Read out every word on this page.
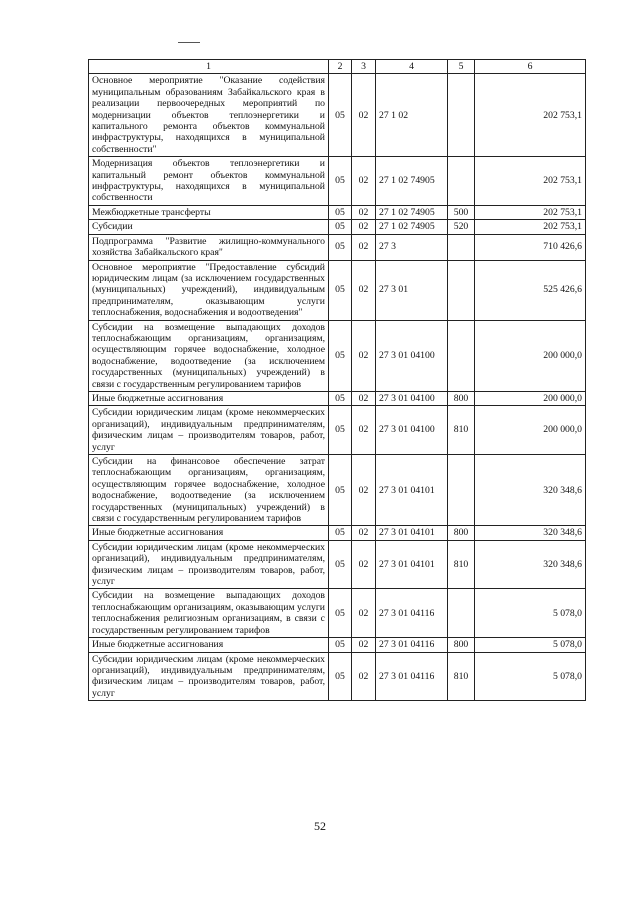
1	2	3	4	5	6
Основное мероприятие "Оказание содействия муниципальным образованиям Забайкальского края в реализации первоочередных мероприятий по модернизации объектов теплоэнергетики и капитального ремонта объектов коммунальной инфраструктуры, находящихся в муниципальной собственности"	05	02	27 1 02		202 753,1
Модернизация объектов теплоэнергетики и капитальный ремонт объектов коммунальной инфраструктуры, находящихся в муниципальной собственности	05	02	27 1 02 74905		202 753,1
Межбюджетные трансферты	05	02	27 1 02 74905	500	202 753,1
Субсидии	05	02	27 1 02 74905	520	202 753,1
Подпрограмма "Развитие жилищно-коммунального хозяйства Забайкальского края"	05	02	27 3		710 426,6
Основное мероприятие "Предоставление субсидий юридическим лицам (за исключением государственных (муниципальных) учреждений), индивидуальным предпринимателям, оказывающим услуги теплоснабжения, водоснабжения и водоотведения"	05	02	27 3 01		525 426,6
Субсидии на возмещение выпадающих доходов теплоснабжающим организациям, организациям, осуществляющим горячее водоснабжение, холодное водоснабжение, водоотведение (за исключением государственных (муниципальных) учреждений) в связи с государственным регулированием тарифов	05	02	27 3 01 04100		200 000,0
Иные бюджетные ассигнования	05	02	27 3 01 04100	800	200 000,0
Субсидии юридическим лицам (кроме некоммерческих организаций), индивидуальным предпринимателям, физическим лицам – производителям товаров, работ, услуг	05	02	27 3 01 04100	810	200 000,0
Субсидии на финансовое обеспечение затрат теплоснабжающим организациям, организациям, осуществляющим горячее водоснабжение, холодное водоснабжение, водоотведение (за исключением государственных (муниципальных) учреждений) в связи с государственным регулированием тарифов	05	02	27 3 01 04101		320 348,6
Иные бюджетные ассигнования	05	02	27 3 01 04101	800	320 348,6
Субсидии юридическим лицам (кроме некоммерческих организаций), индивидуальным предпринимателям, физическим лицам – производителям товаров, работ, услуг	05	02	27 3 01 04101	810	320 348,6
Субсидии на возмещение выпадающих доходов теплоснабжающим организациям, оказывающим услуги теплоснабжения религиозным организациям, в связи с государственным регулированием тарифов	05	02	27 3 01 04116		5 078,0
Иные бюджетные ассигнования	05	02	27 3 01 04116	800	5 078,0
Субсидии юридическим лицам (кроме некоммерческих организаций), индивидуальным предпринимателям, физическим лицам – производителям товаров, работ, услуг	05	02	27 3 01 04116	810	5 078,0
52
